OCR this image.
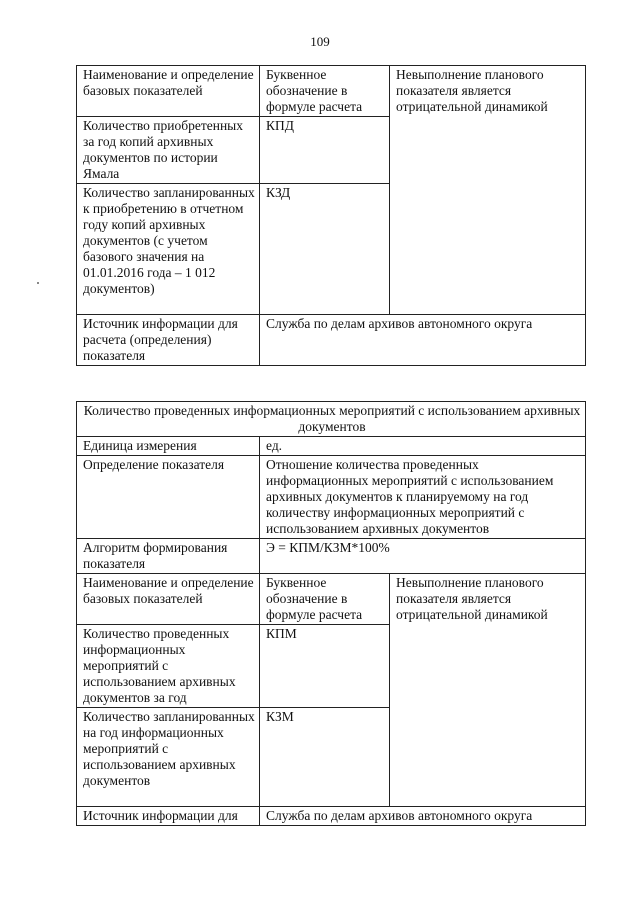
109
Наименование и определение базовых показателей	Буквенное обозначение в формуле расчета	Невыполнение планового показателя является отрицательной динамикой
Количество приобретенных за год копий архивных документов по истории Ямала	КПД	
Количество запланированных к приобретению в отчетном году копий архивных документов (с учетом базового значения на 01.01.2016 года – 1 012 документов)	КЗД	
Источник информации для расчета (определения) показателя	Служба по делам архивов автономного округа	
Количество проведенных информационных мероприятий с использованием архивных документов		
Единица измерения	ед.	
Определение показателя	Отношение количества проведенных информационных мероприятий с использованием архивных документов к планируемому на год количеству информационных мероприятий с использованием архивных документов	
Алгоритм формирования показателя	Э = КПМ/КЗМ*100%	
Наименование и определение базовых показателей	Буквенное обозначение в формуле расчета	Невыполнение планового показателя является отрицательной динамикой
Количество проведенных информационных мероприятий с использованием архивных документов за год	КПМ	
Количество запланированных на год информационных мероприятий с использованием архивных документов	КЗМ	
Источник информации для	Служба по делам архивов автономного округа	
